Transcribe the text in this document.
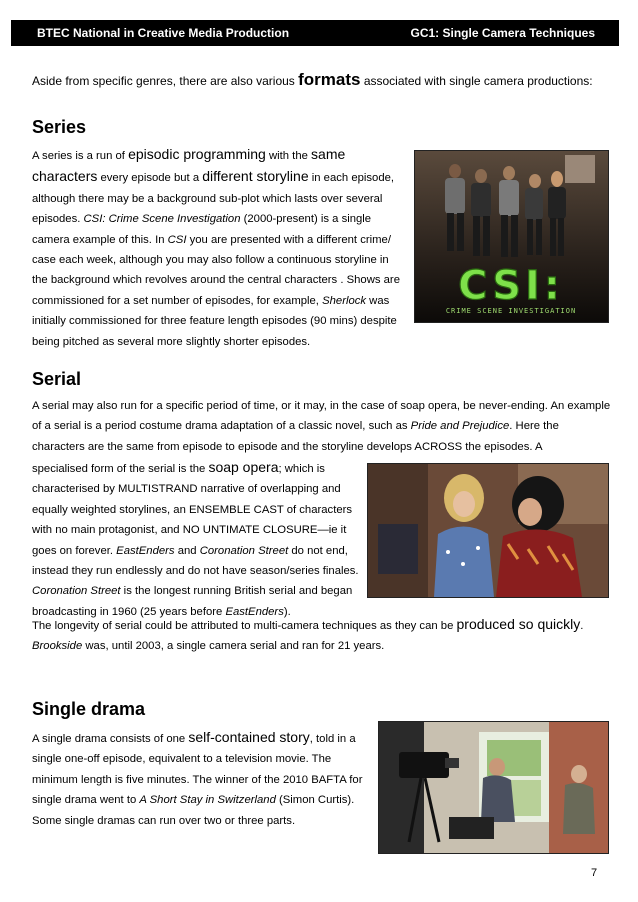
BTEC National in Creative Media Production	GC1: Single Camera Techniques
Aside from specific genres, there are also various formats associated with single camera productions:
Series

A series is a run of episodic programming with the same characters every episode but a different storyline in each episode, although there may be a background sub-plot which lasts over several episodes. CSI: Crime Scene Investigation (2000-present) is a single camera example of this. In CSI you are presented with a different crime/ case each week, although you may also follow a continuous storyline in the background which revolves around the central characters . Shows are commissioned for a set number of episodes, for example, Sherlock was initially commissioned for three feature length episodes (90 mins) despite being pitched as several more slightly shorter episodes.

CSI:
CRIME SCENE INVESTIGATION
Serial

A serial may also run for a specific period of time, or it may, in the case of soap opera, be never-ending. An example of a serial is a period costume drama adaptation of a classic novel, such as Pride and Prejudice. Here the characters are the same from episode to episode and the storyline develops ACROSS the episodes. A

specialised form of the serial is the soap opera; which is characterised by MULTISTRAND narrative of overlapping and equally weighted storylines, an ENSEMBLE CAST of characters with no main protagonist, and NO UNTIMATE CLOSURE—ie it goes on forever. EastEnders and Coronation Street do not end, instead they run endlessly and do not have season/series finales. Coronation Street is the longest running British serial and began broadcasting in 1960 (25 years before EastEnders).

The longevity of serial could be attributed to multi-camera techniques as they can be produced so quickly.

Brookside was, until 2003, a single camera serial and ran for 21 years.

Single drama

A single drama consists of one self-contained story, told in a single one-off episode, equivalent to a television movie. The minimum length is five minutes. The winner of the 2010 BAFTA for single drama went to A Short Stay in Switzerland (Simon Curtis). Some single dramas can run over two or three parts.

7
